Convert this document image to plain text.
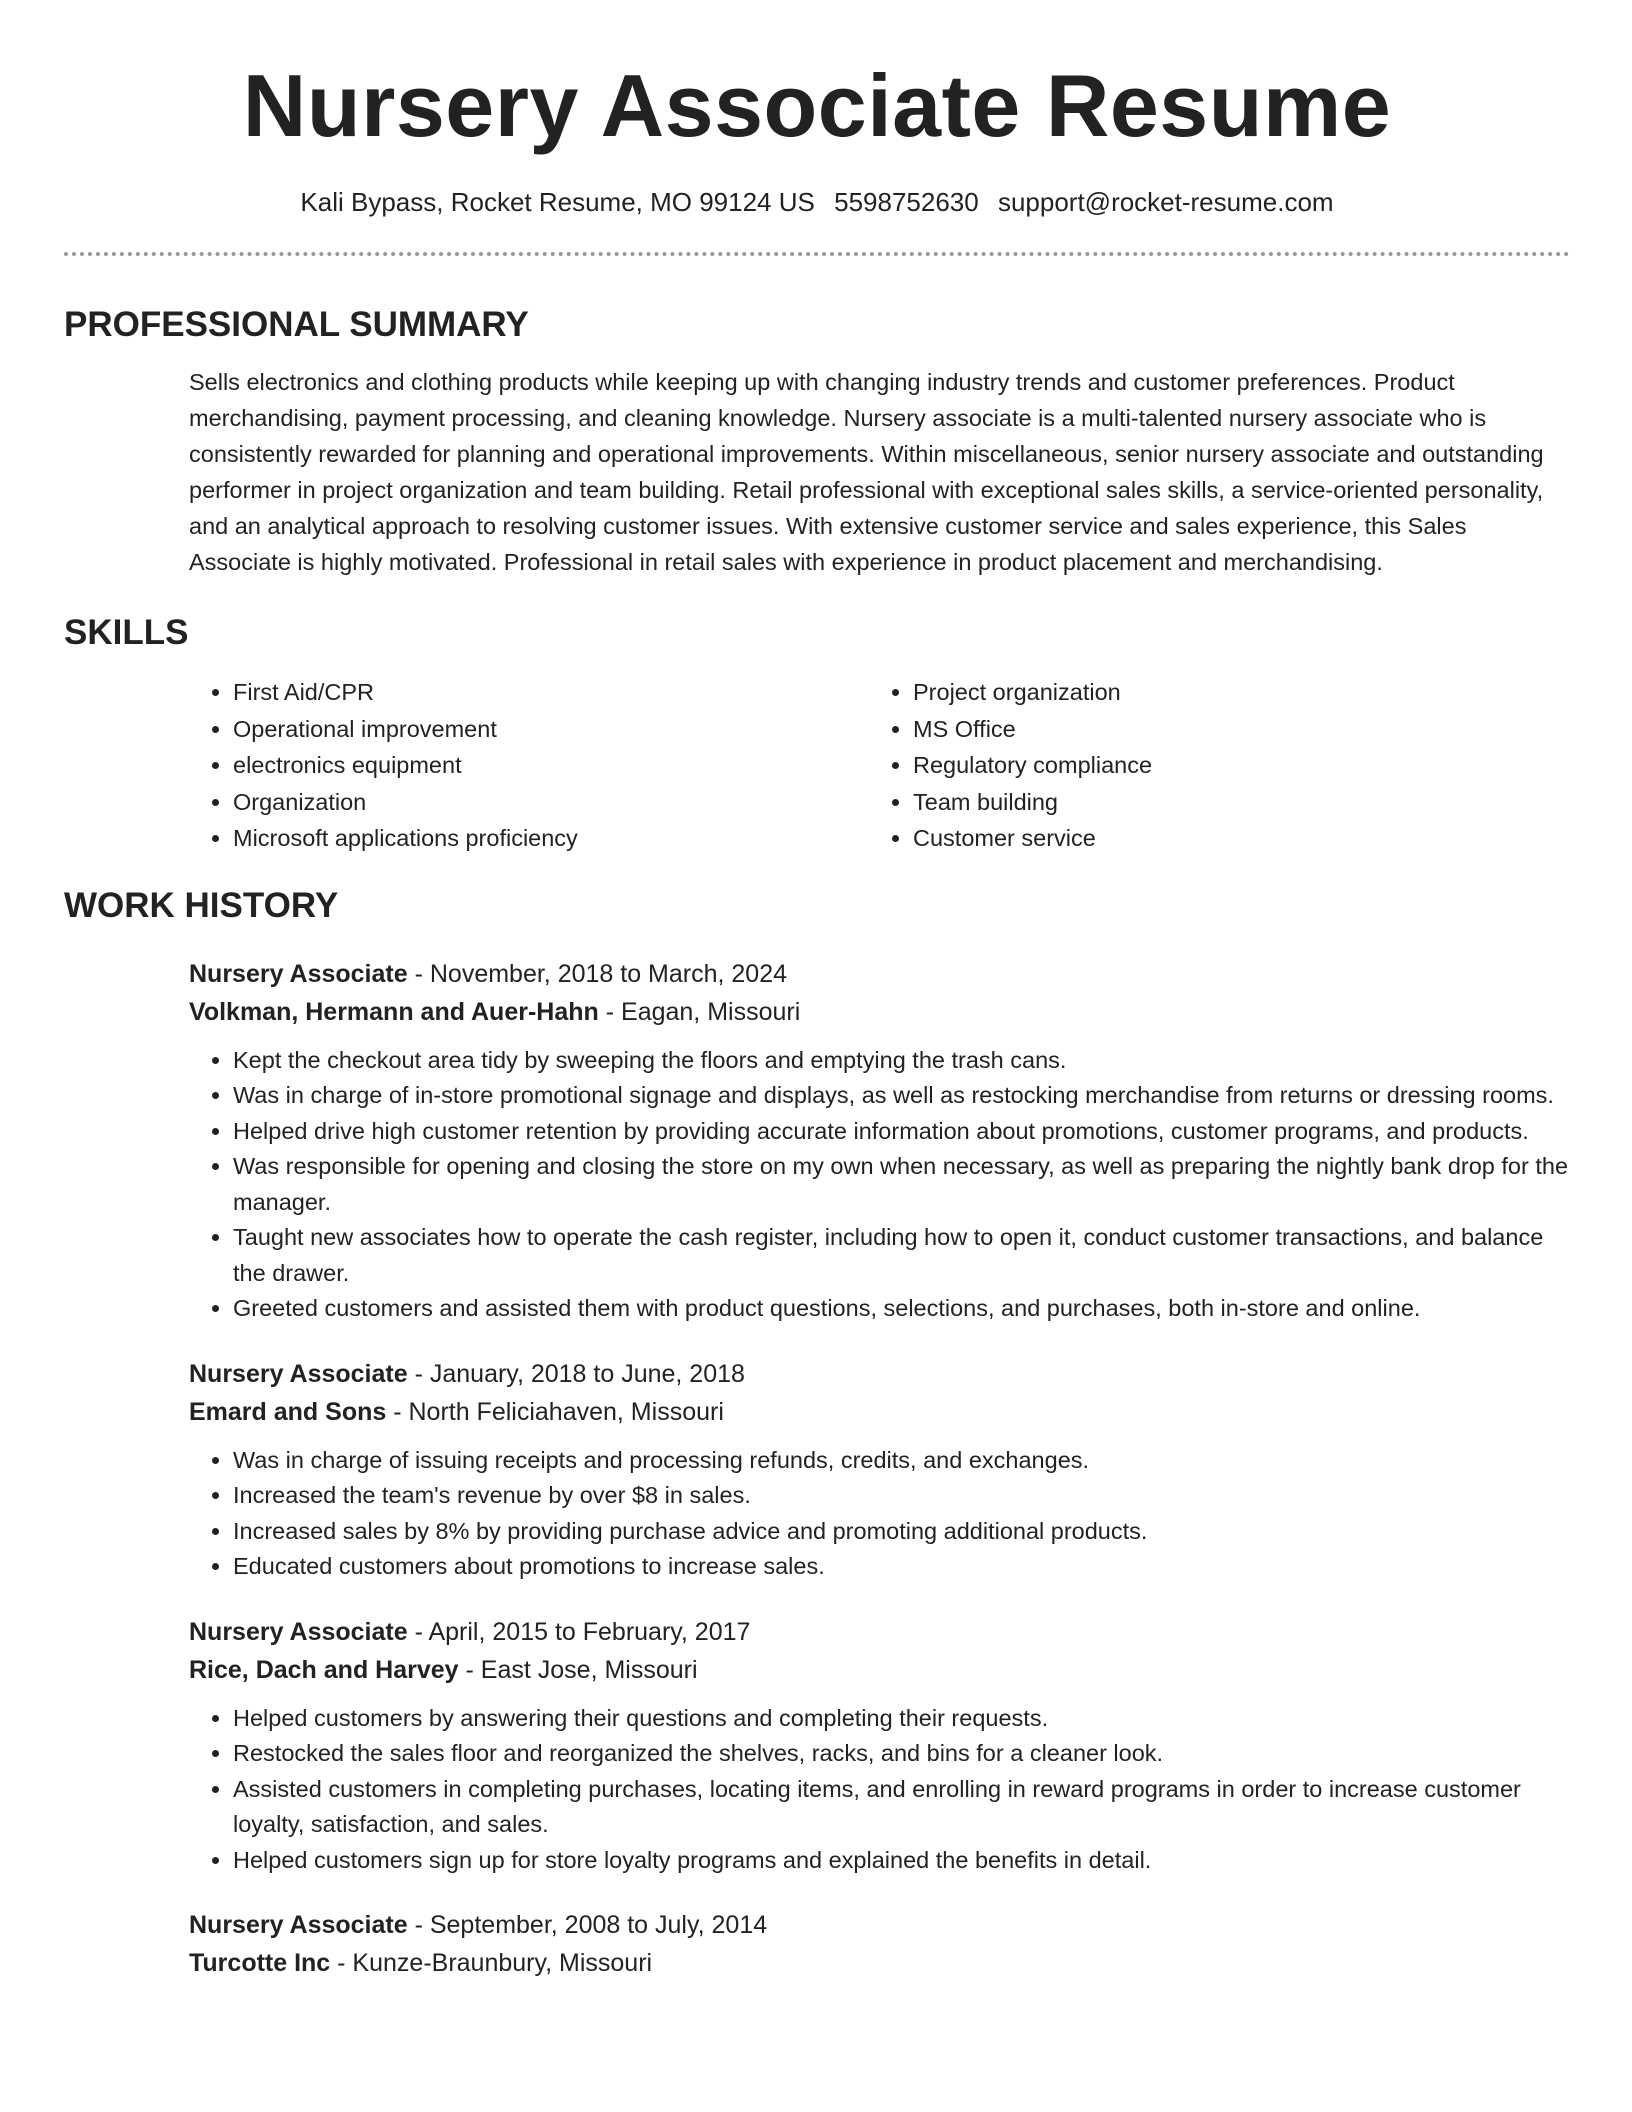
Nursery Associate Resume
Kali Bypass, Rocket Resume, MO 99124 US 5598752630 support@rocket-resume.com
PROFESSIONAL SUMMARY
Sells electronics and clothing products while keeping up with changing industry trends and customer preferences. Product merchandising, payment processing, and cleaning knowledge. Nursery associate is a multi-talented nursery associate who is consistently rewarded for planning and operational improvements. Within miscellaneous, senior nursery associate and outstanding performer in project organization and team building. Retail professional with exceptional sales skills, a service-oriented personality, and an analytical approach to resolving customer issues. With extensive customer service and sales experience, this Sales Associate is highly motivated. Professional in retail sales with experience in product placement and merchandising.
SKILLS
• First Aid/CPR
• Operational improvement
• electronics equipment
• Organization
• Microsoft applications proficiency
• Project organization
• MS Office
• Regulatory compliance
• Team building
• Customer service
WORK HISTORY
Nursery Associate - November, 2018 to March, 2024
Volkman, Hermann and Auer-Hahn - Eagan, Missouri
• Kept the checkout area tidy by sweeping the floors and emptying the trash cans.
• Was in charge of in-store promotional signage and displays, as well as restocking merchandise from returns or dressing rooms.
• Helped drive high customer retention by providing accurate information about promotions, customer programs, and products.
• Was responsible for opening and closing the store on my own when necessary, as well as preparing the nightly bank drop for the manager.
• Taught new associates how to operate the cash register, including how to open it, conduct customer transactions, and balance the drawer.
• Greeted customers and assisted them with product questions, selections, and purchases, both in-store and online.
Nursery Associate - January, 2018 to June, 2018
Emard and Sons - North Feliciahaven, Missouri
• Was in charge of issuing receipts and processing refunds, credits, and exchanges.
• Increased the team's revenue by over $8 in sales.
• Increased sales by 8% by providing purchase advice and promoting additional products.
• Educated customers about promotions to increase sales.
Nursery Associate - April, 2015 to February, 2017
Rice, Dach and Harvey - East Jose, Missouri
• Helped customers by answering their questions and completing their requests.
• Restocked the sales floor and reorganized the shelves, racks, and bins for a cleaner look.
• Assisted customers in completing purchases, locating items, and enrolling in reward programs in order to increase customer loyalty, satisfaction, and sales.
• Helped customers sign up for store loyalty programs and explained the benefits in detail.
Nursery Associate - September, 2008 to July, 2014
Turcotte Inc - Kunze-Braunbury, Missouri
